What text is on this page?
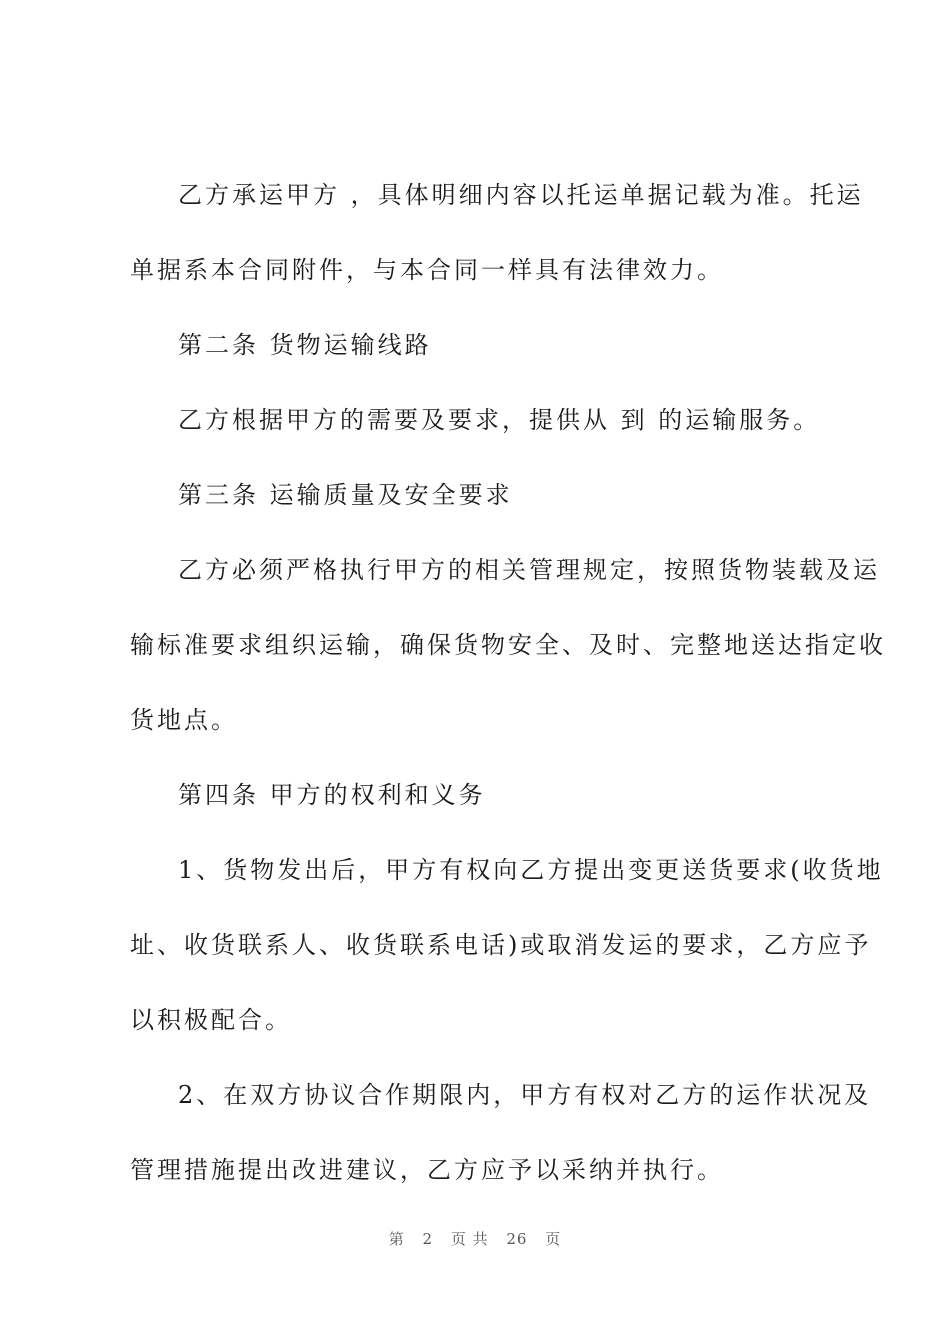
乙方承运甲方 ，具体明细内容以托运单据记载为准。托运
单据系本合同附件，与本合同一样具有法律效力。
第二条 货物运输线路
乙方根据甲方的需要及要求，提供从 到 的运输服务。
第三条 运输质量及安全要求
乙方必须严格执行甲方的相关管理规定，按照货物装载及运
输标准要求组织运输，确保货物安全、及时、完整地送达指定收
货地点。
第四条 甲方的权利和义务
1、货物发出后，甲方有权向乙方提出变更送货要求(收货地
址、收货联系人、收货联系电话)或取消发运的要求，乙方应予
以积极配合。
2、在双方协议合作期限内，甲方有权对乙方的运作状况及
管理措施提出改进建议，乙方应予以采纳并执行。
第 2 页 共 26 页
